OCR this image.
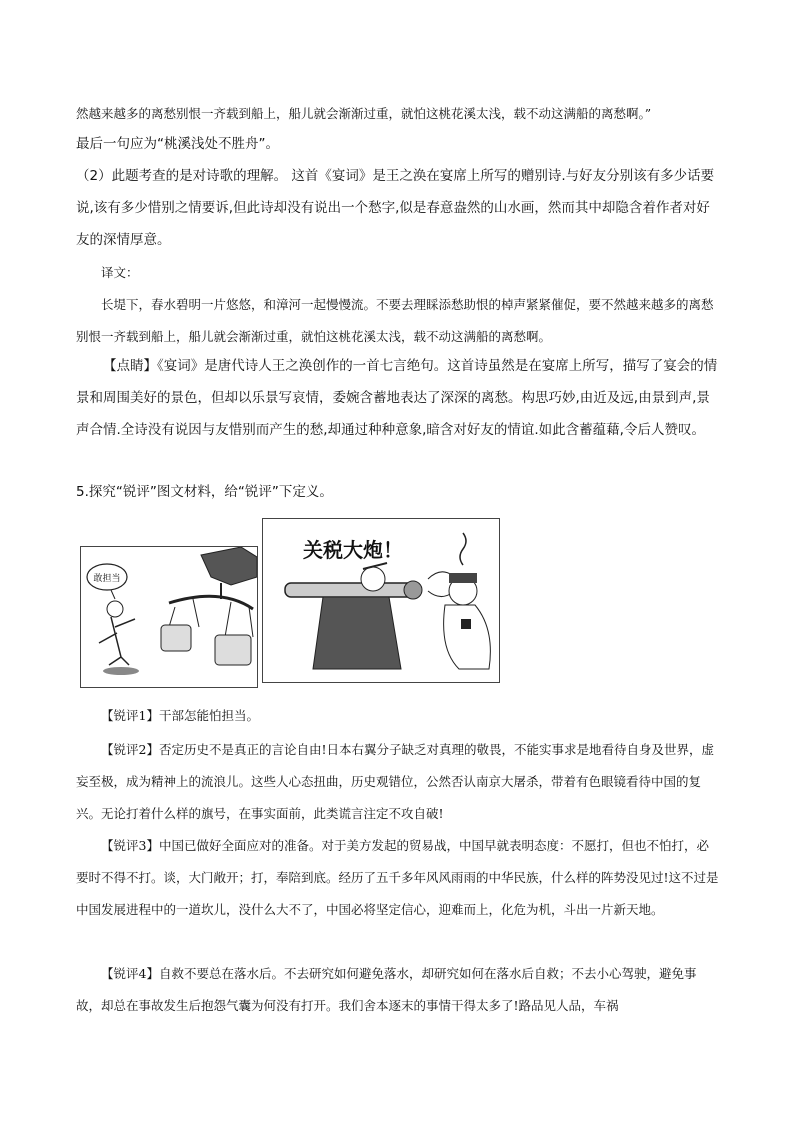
然越来越多的离愁别恨一齐载到船上，船儿就会渐渐过重，就怕这桃花溪太浅，载不动这满船的离愁啊。”

最后一句应为“桃溪浅处不胜舟”。

（2）此题考查的是对诗歌的理解。 这首《宴词》是王之涣在宴席上所写的赠别诗.与好友分别该有多少话要说,该有多少惜别之情要诉,但此诗却没有说出一个愁字,似是春意盎然的山水画，然而其中却隐含着作者对好友的深情厚意。

译文：

长堤下，春水碧明一片悠悠，和漳河一起慢慢流。不要去理睬添愁助恨的棹声紧紧催促，要不然越来越多的离愁别恨一齐载到船上，船儿就会渐渐过重，就怕这桃花溪太浅，载不动这满船的离愁啊。

【点睛】《宴词》是唐代诗人王之涣创作的一首七言绝句。这首诗虽然是在宴席上所写，描写了宴会的情景和周围美好的景色，但却以乐景写哀情，委婉含蓄地表达了深深的离愁。构思巧妙,由近及远,由景到声,景声合情.全诗没有说因与友惜别而产生的愁,却通过种种意象,暗含对好友的情谊.如此含蓄蕴藉,令后人赞叹。

5.探究“锐评”图文材料，给“锐评”下定义。
敢担当
关税大炮！

【锐评1】干部怎能怕担当。

【锐评2】否定历史不是真正的言论自由!日本右翼分子缺乏对真理的敬畏，不能实事求是地看待自身及世界，虚妄至极，成为精神上的流浪儿。这些人心态扭曲，历史观错位，公然否认南京大屠杀，带着有色眼镜看待中国的复兴。无论打着什么样的旗号，在事实面前，此类谎言注定不攻自破!

【锐评3】中国已做好全面应对的准备。对于美方发起的贸易战，中国早就表明态度：不愿打，但也不怕打，必要时不得不打。谈，大门敞开；打，奉陪到底。经历了五千多年风风雨雨的中华民族，什么样的阵势没见过!这不过是中国发展进程中的一道坎儿，没什么大不了，中国必将坚定信心，迎难而上，化危为机，斗出一片新天地。

【锐评4】自救不要总在落水后。不去研究如何避免落水，却研究如何在落水后自救；不去小心驾驶，避免事故，却总在事故发生后抱怨气囊为何没有打开。我们舍本逐末的事情干得太多了!路品见人品，车祸
